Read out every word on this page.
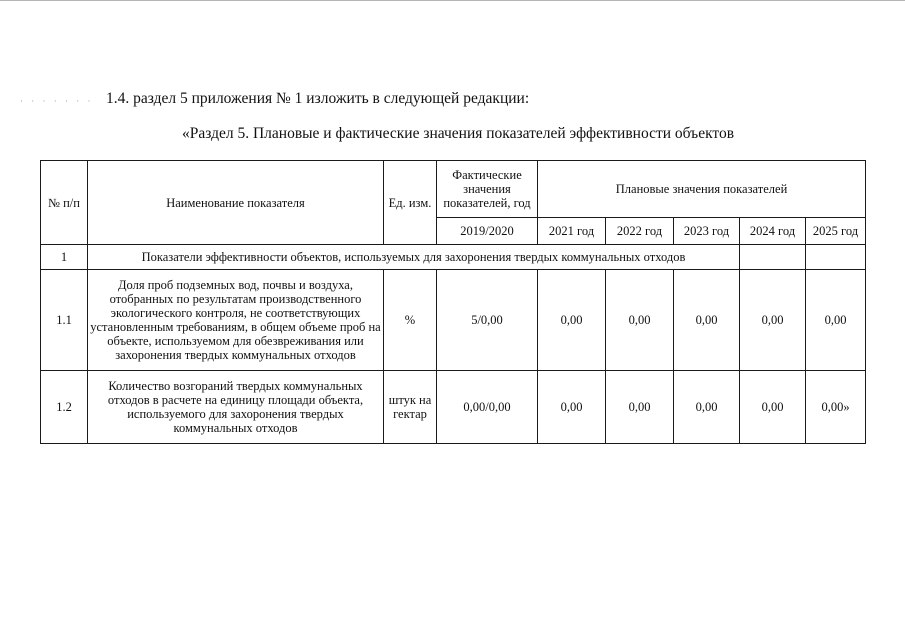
· · · · · · · 1.4. раздел 5 приложения № 1 изложить в следующей редакции:
«Раздел 5. Плановые и фактические значения показателей эффективности объектов
№ п/п	Наименование показателя	Ед. изм.	Фактические значения показателей, год	Плановые значения показателей				
			2019/2020	2021 год	2022 год	2023 год	2024 год	2025 год
1	Показатели эффективности объектов, используемых для захоронения твердых коммунальных отходов							
1.1	Доля проб подземных вод, почвы и воздуха, отобранных по результатам производственного экологического контроля, не соответствующих установленным требованиям, в общем объеме проб на объекте, используемом для обезвреживания или захоронения твердых коммунальных отходов	%	5/0,00	0,00	0,00	0,00	0,00	0,00
1.2	Количество возгораний твердых коммунальных отходов в расчете на единицу площади объекта, используемого для захоронения твердых коммунальных отходов	штук на гектар	0,00/0,00	0,00	0,00	0,00	0,00	0,00»
